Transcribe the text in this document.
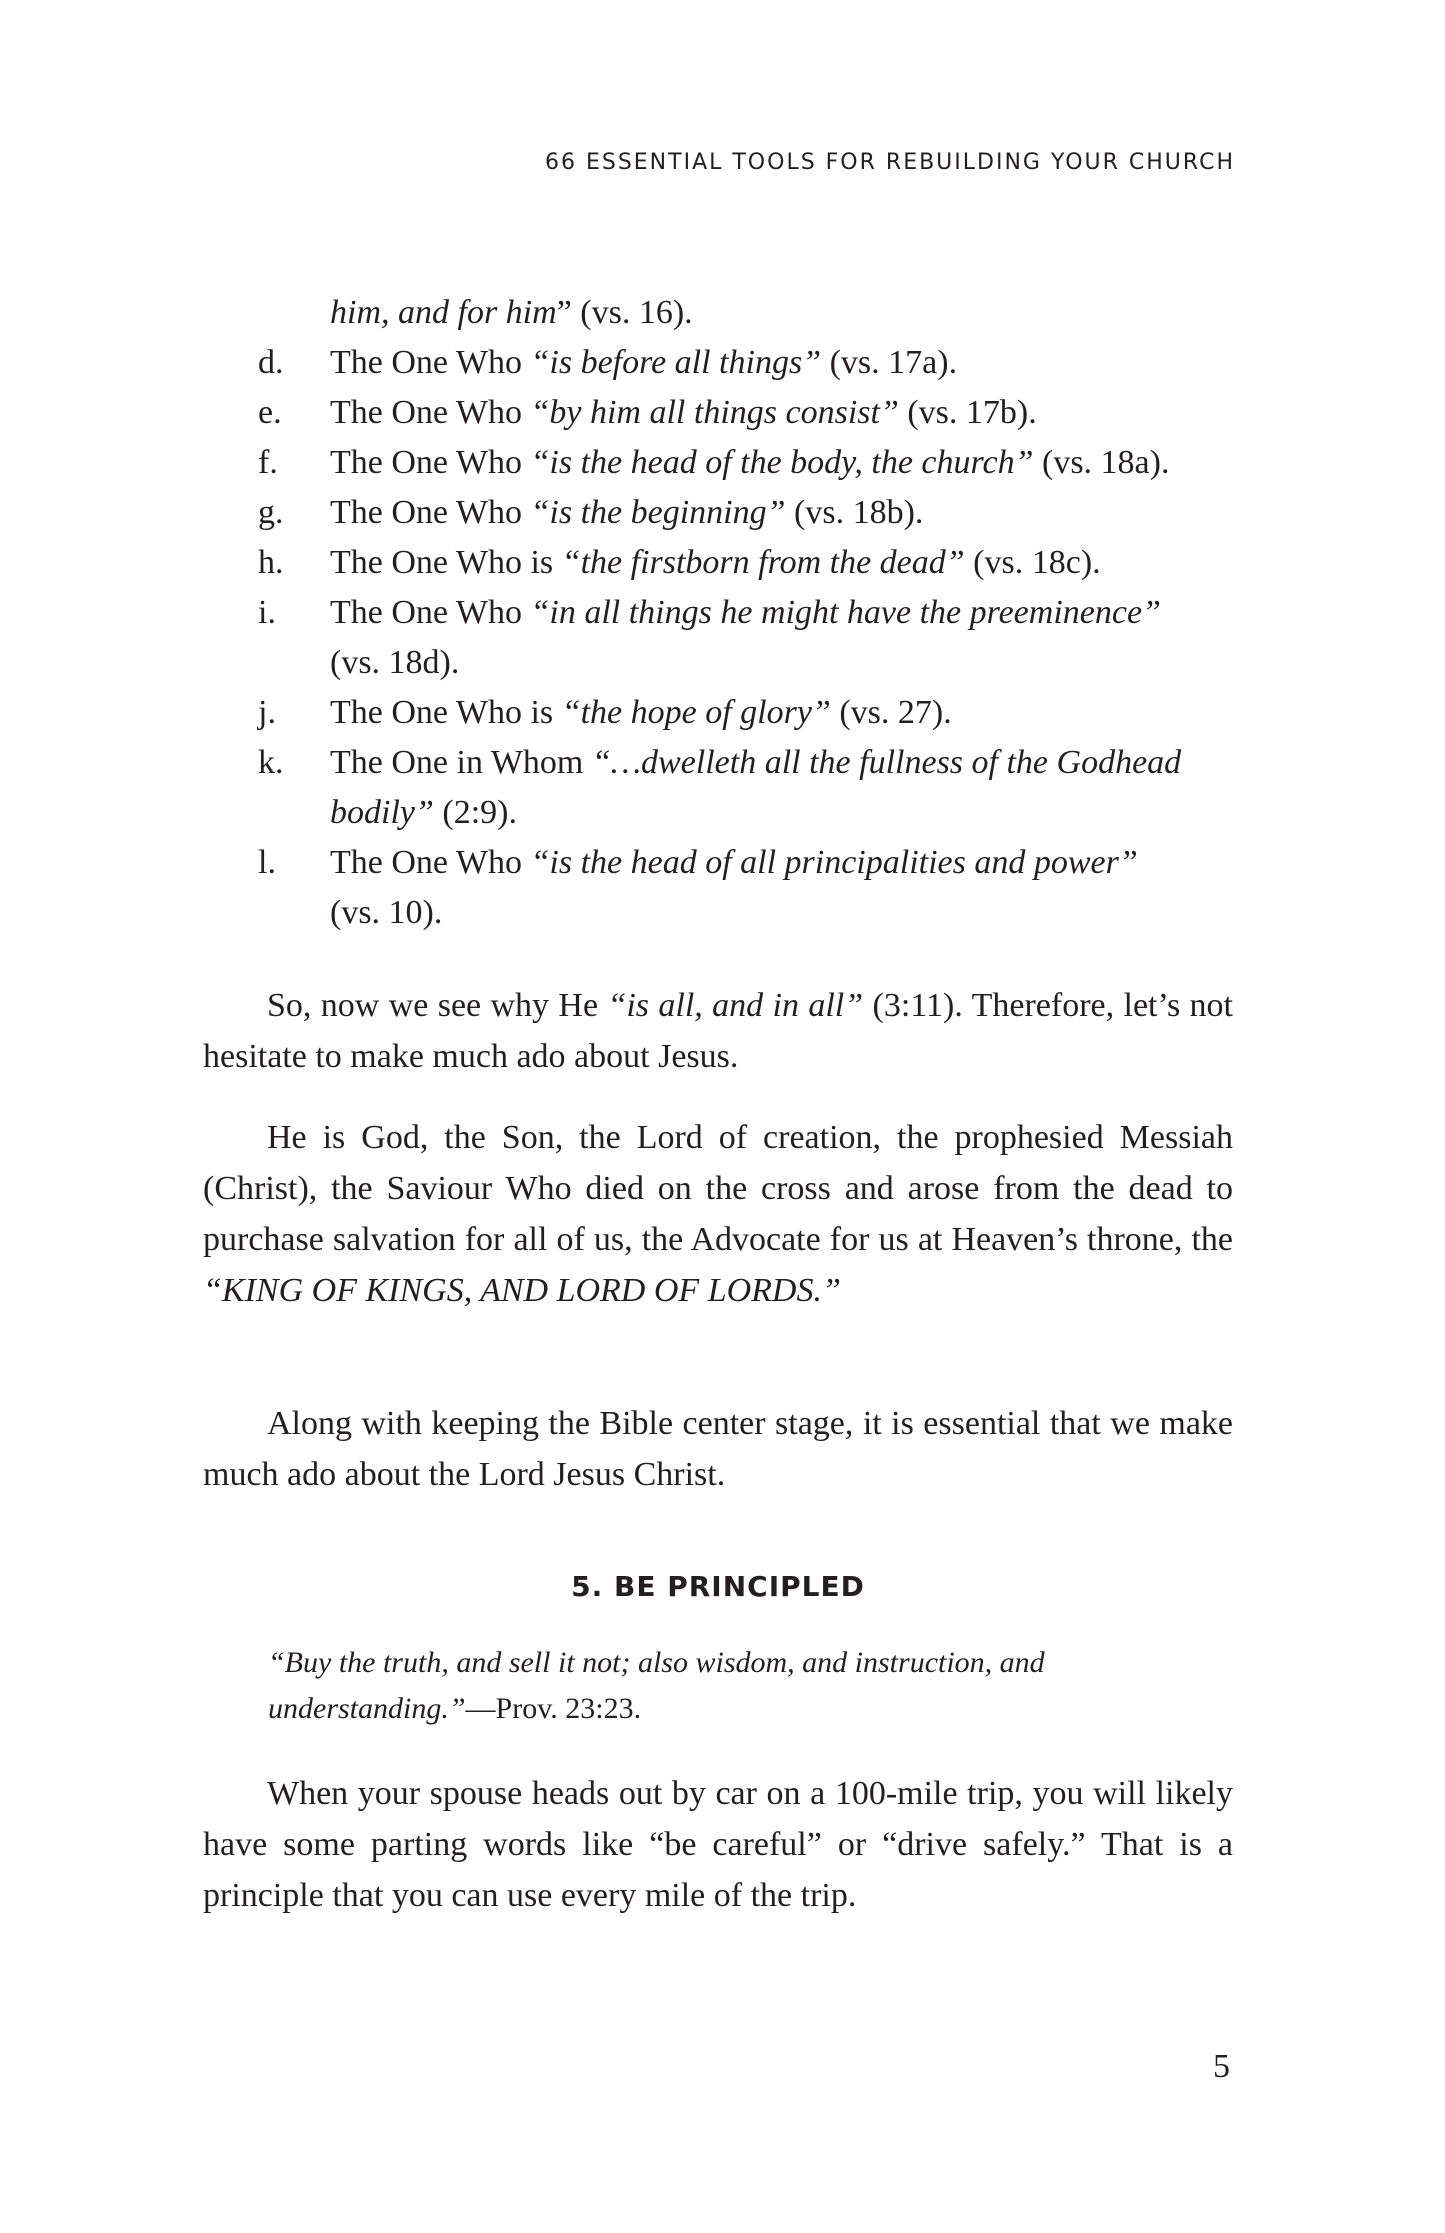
66 ESSENTIAL TOOLS FOR REBUILDING YOUR CHURCH
him, and for him” (vs. 16).
d. The One Who “is before all things” (vs. 17a).
e. The One Who “by him all things consist” (vs. 17b).
f. The One Who “is the head of the body, the church” (vs. 18a).
g. The One Who “is the beginning” (vs. 18b).
h. The One Who is “the firstborn from the dead” (vs. 18c).
i. The One Who “in all things he might have the preeminence”
(vs. 18d).
j. The One Who is “the hope of glory” (vs. 27).
k. The One in Whom “…dwelleth all the fullness of the Godhead bodily” (2:9).
l. The One Who “is the head of all principalities and power”
(vs. 10).

So, now we see why He “is all, and in all” (3:11). Therefore, let’s not hesitate to make much ado about Jesus.

He is God, the Son, the Lord of creation, the prophesied Messiah (Christ), the Saviour Who died on the cross and arose from the dead to purchase salvation for all of us, the Advocate for us at Heaven’s throne, the “KING OF KINGS, AND LORD OF LORDS.”

Along with keeping the Bible center stage, it is essential that we make much ado about the Lord Jesus Christ.

5. BE PRINCIPLED

“Buy the truth, and sell it not; also wisdom, and instruction, and understanding.”—Prov. 23:23.

When your spouse heads out by car on a 100-mile trip, you will likely have some parting words like “be careful” or “drive safely.” That is a principle that you can use every mile of the trip.

5
